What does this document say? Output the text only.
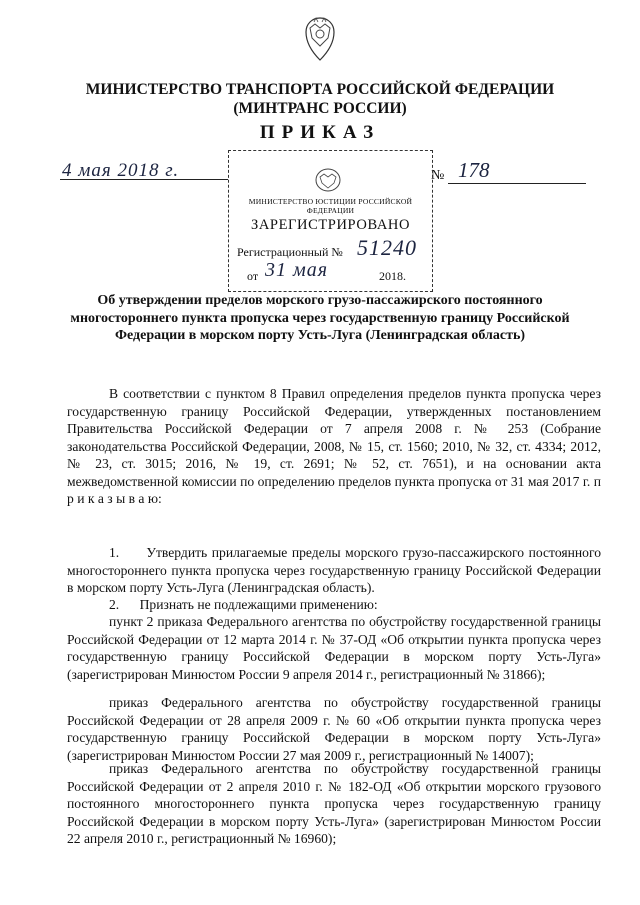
МИНИСТЕРСТВО ТРАНСПОРТА РОССИЙСКОЙ ФЕДЕРАЦИИ
(МИНТРАНС РОССИИ)
ПРИКАЗ
4 мая 2018 г.	№ 178
МИНИСТЕРСТВО ЮСТИЦИИ РОССИЙСКОЙ ФЕДЕРАЦИИ
ЗАРЕГИСТРИРОВАНО
Регистрационный № 51240
от 31 мая	2018.
Об утверждении пределов морского грузо-пассажирского постоянного многостороннего пункта пропуска через государственную границу Российской Федерации в морском порту Усть-Луга (Ленинградская область)

В соответствии с пунктом 8 Правил определения пределов пункта пропуска через государственную границу Российской Федерации, утвержденных постановлением Правительства Российской Федерации от 7 апреля 2008 г. № 253 (Собрание законодательства Российской Федерации, 2008, № 15, ст. 1560; 2010, № 32, ст. 4334; 2012, № 23, ст. 3015; 2016, № 19, ст. 2691; № 52, ст. 7651), и на основании акта межведомственной комиссии по определению пределов пункта пропуска от 31 мая 2017 г. п р и к а з ы в а ю:

1.      Утвердить прилагаемые пределы морского грузо-пассажирского постоянного многостороннего пункта пропуска через государственную границу Российской Федерации в морском порту Усть-Луга (Ленинградская область).

2.      Признать не подлежащими применению:

пункт 2 приказа Федерального агентства по обустройству государственной границы Российской Федерации от 12 марта 2014 г. № 37-ОД «Об открытии пункта пропуска через государственную границу Российской Федерации в морском порту Усть-Луга» (зарегистрирован Минюстом России 9 апреля 2014 г., регистрационный № 31866);

приказ Федерального агентства по обустройству государственной границы Российской Федерации от 28 апреля 2009 г. № 60 «Об открытии пункта пропуска через государственную границу Российской Федерации в морском порту Усть-Луга» (зарегистрирован Минюстом России 27 мая 2009 г., регистрационный № 14007);

приказ Федерального агентства по обустройству государственной границы Российской Федерации от 2 апреля 2010 г. № 182-ОД «Об открытии морского грузового постоянного многостороннего пункта пропуска через государственную границу Российской Федерации в морском порту Усть-Луга» (зарегистрирован Минюстом России 22 апреля 2010 г., регистрационный № 16960);
